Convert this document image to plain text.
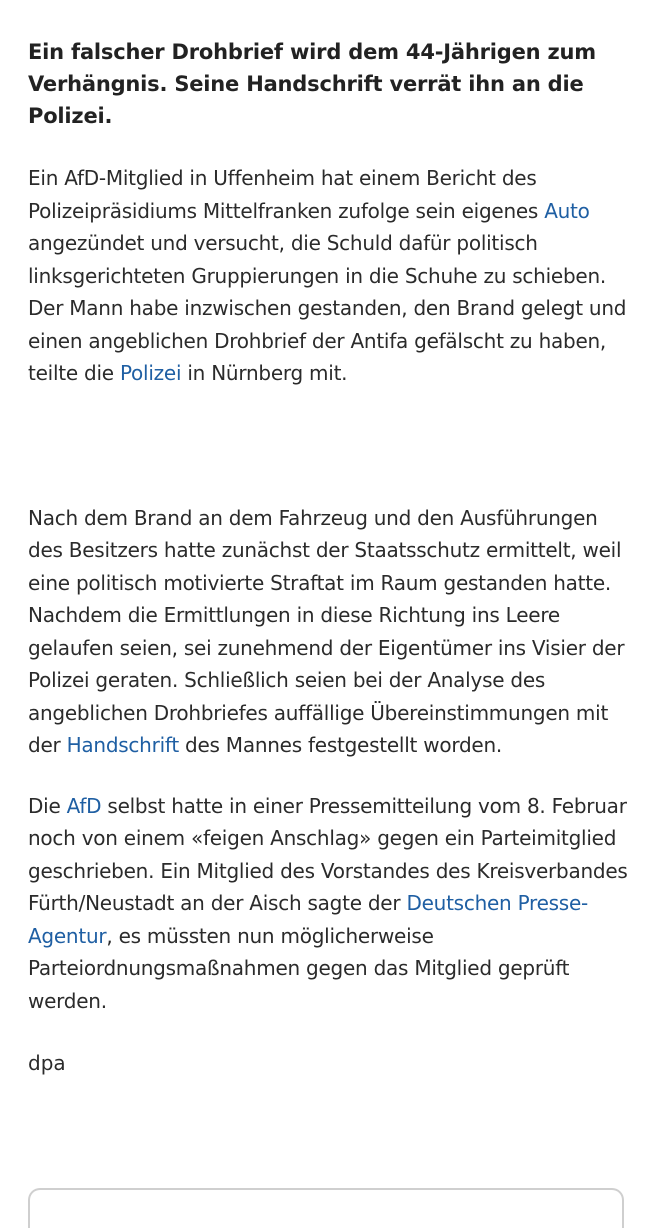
Ein falscher Drohbrief wird dem 44-Jährigen zum Verhängnis. Seine Handschrift verrät ihn an die Polizei.

Ein AfD-Mitglied in Uffenheim hat einem Bericht des Polizeipräsidiums Mittelfranken zufolge sein eigenes Auto angezündet und versucht, die Schuld dafür politisch linksgerichteten Gruppierungen in die Schuhe zu schieben. Der Mann habe inzwischen gestanden, den Brand gelegt und einen angeblichen Drohbrief der Antifa gefälscht zu haben, teilte die Polizei in Nürnberg mit.

Nach dem Brand an dem Fahrzeug und den Ausführungen des Besitzers hatte zunächst der Staatsschutz ermittelt, weil eine politisch motivierte Straftat im Raum gestanden hatte. Nachdem die Ermittlungen in diese Richtung ins Leere gelaufen seien, sei zunehmend der Eigentümer ins Visier der Polizei geraten. Schließlich seien bei der Analyse des angeblichen Drohbriefes auffällige Übereinstimmungen mit der Handschrift des Mannes festgestellt worden.

Die AfD selbst hatte in einer Pressemitteilung vom 8. Februar noch von einem «feigen Anschlag» gegen ein Parteimitglied geschrieben. Ein Mitglied des Vorstandes des Kreisverbandes Fürth/Neustadt an der Aisch sagte der Deutschen Presse-Agentur, es müssten nun möglicherweise Parteiordnungsmaßnahmen gegen das Mitglied geprüft werden.

dpa
